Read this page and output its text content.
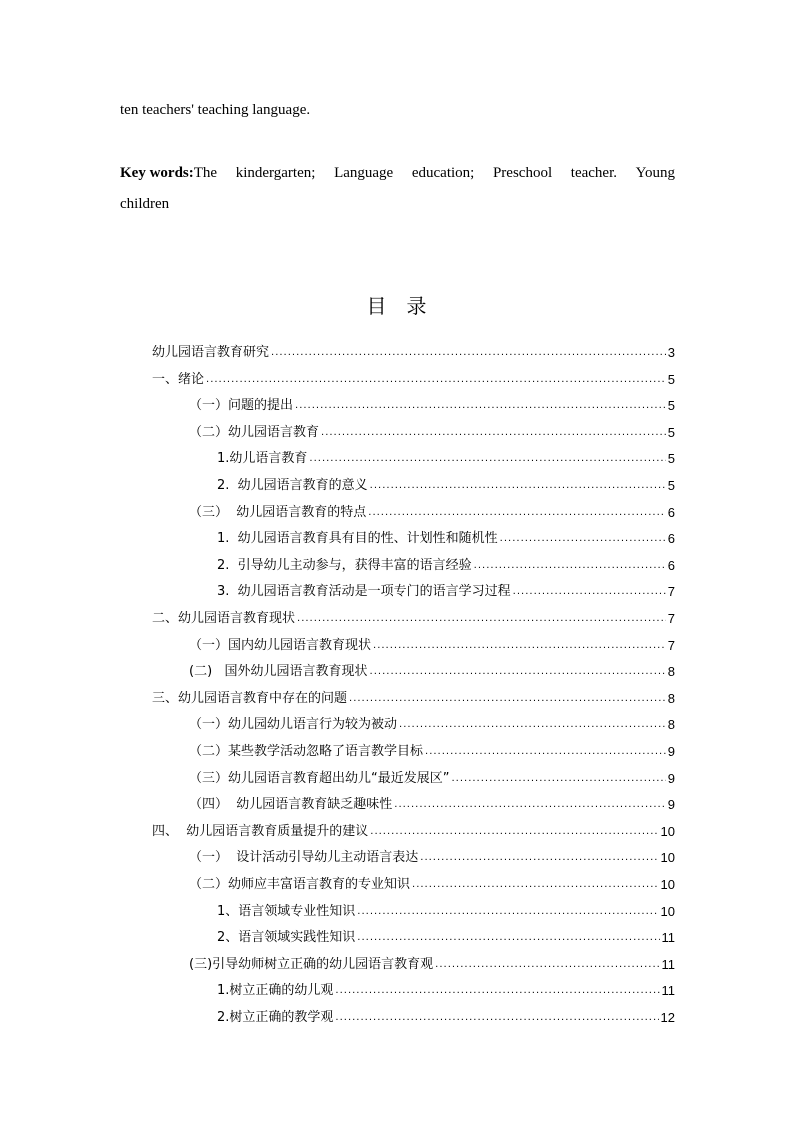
ten teachers' teaching language.
Key words:The kindergarten; Language education; Preschool teacher. Young
children
目录
幼儿园语言教育研究 .....	3
一、绪论 .....	5
（一）问题的提出 .....	5
（二）幼儿园语言教育 .....	5
1.幼儿语言教育 .....	5
2.  幼儿园语言教育的意义 .....	5
（三）  幼儿园语言教育的特点 .....	6
1.  幼儿园语言教育具有目的性、计划性和随机性 .....	6
2.  引导幼儿主动参与，获得丰富的语言经验 .....	6
3.  幼儿园语言教育活动是一项专门的语言学习过程 .....	7
二、幼儿园语言教育现状 .....	7
（一）国内幼儿园语言教育现状 .....	7
(二)   国外幼儿园语言教育现状 .....	8
三、幼儿园语言教育中存在的问题 .....	8
（一）幼儿园幼儿语言行为较为被动 .....	8
（二）某些教学活动忽略了语言教学目标 .....	9
（三）幼儿园语言教育超出幼儿“最近发展区” .....	9
（四）  幼儿园语言教育缺乏趣味性 .....	9
四、  幼儿园语言教育质量提升的建议 .....	10
（一）  设计活动引导幼儿主动语言表达 .....	10
（二）幼师应丰富语言教育的专业知识 .....	10
1、语言领域专业性知识 .....	10
2、语言领域实践性知识 .....	11
(三)引导幼师树立正确的幼儿园语言教育观 .....	11
1.树立正确的幼儿观 .....	11
2.树立正确的教学观 .....	12
